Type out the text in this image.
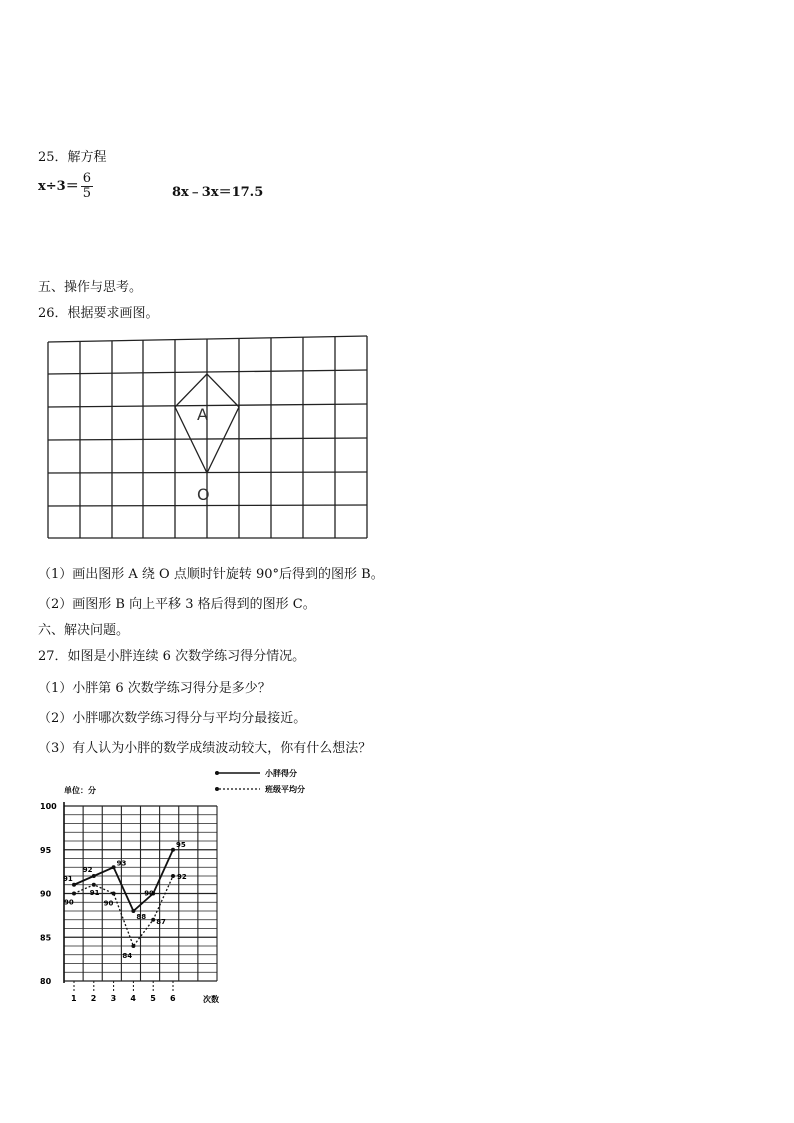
25．解方程
$x\div 3= \frac{6}{5}$	8x﹣3x＝17.5
五、操作与思考。
26．根据要求画图。
A
O
（1）画出图形 A 绕 O 点顺时针旋转 90°后得到的图形 B。
（2）画图形 B 向上平移 3 格后得到的图形 C。
六、解决问题。
27．如图是小胖连续 6 次数学练习得分情况。
（1）小胖第 6 次数学练习得分是多少？
（2）小胖哪次数学练习得分与平均分最接近。
（3）有人认为小胖的数学成绩波动较大，你有什么想法？
80
85
90
95
100
1 2 3 4 5 6
91
92
93
88
90
95
90
91
90
84
87
92
小胖得分
班级平均分
单位：分
次数
